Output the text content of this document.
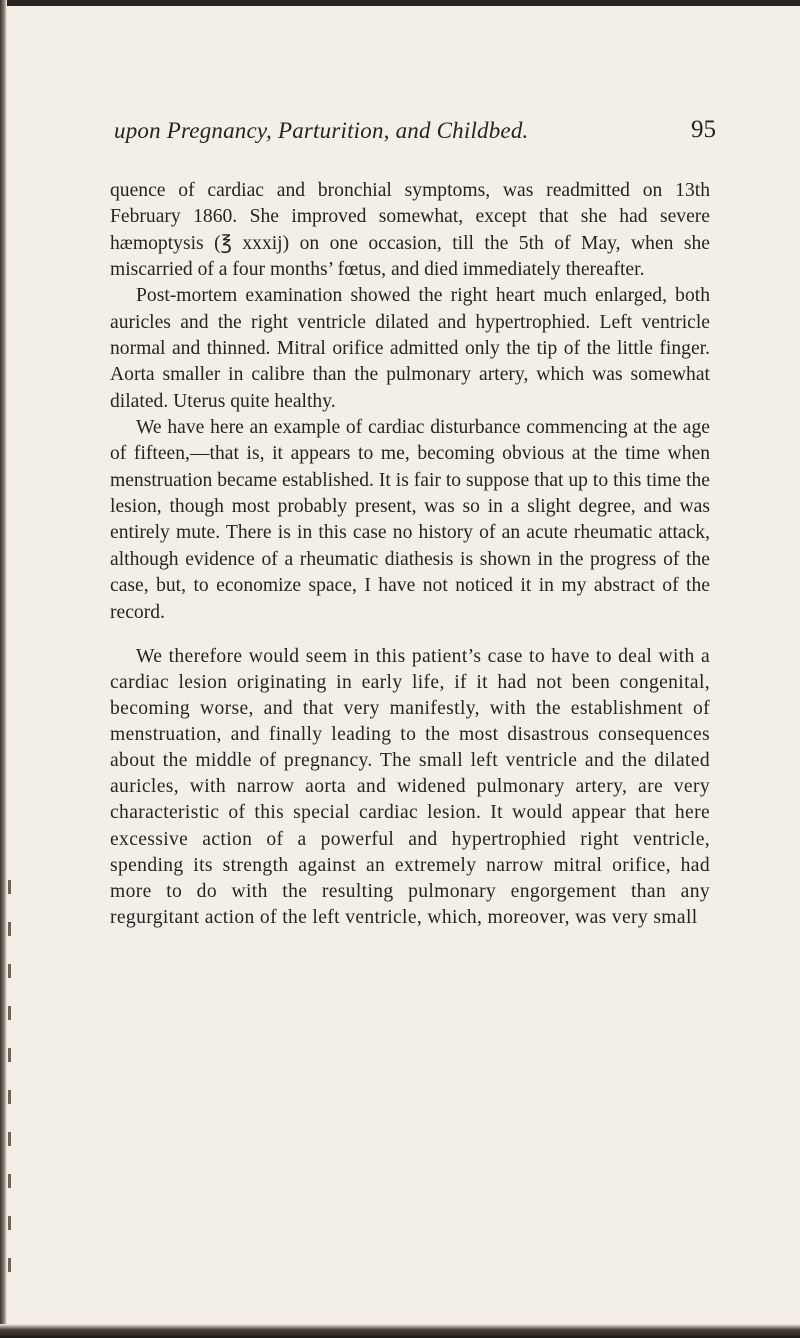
upon Pregnancy, Parturition, and Childbed.	95

quence of cardiac and bronchial symptoms, was readmitted on 13th February 1860. She improved somewhat, except that she had severe hæmoptysis (℥ xxxij) on one occasion, till the 5th of May, when she miscarried of a four months’ fœtus, and died immediately thereafter.

Post-mortem examination showed the right heart much enlarged, both auricles and the right ventricle dilated and hypertrophied. Left ventricle normal and thinned. Mitral orifice admitted only the tip of the little finger. Aorta smaller in calibre than the pulmonary artery, which was somewhat dilated. Uterus quite healthy.

We have here an example of cardiac disturbance commencing at the age of fifteen,—that is, it appears to me, becoming obvious at the time when menstruation became established. It is fair to suppose that up to this time the lesion, though most probably present, was so in a slight degree, and was entirely mute. There is in this case no history of an acute rheumatic attack, although evidence of a rheumatic diathesis is shown in the progress of the case, but, to economize space, I have not noticed it in my abstract of the record.

We therefore would seem in this patient’s case to have to deal with a cardiac lesion originating in early life, if it had not been congenital, becoming worse, and that very manifestly, with the establishment of menstruation, and finally leading to the most disastrous consequences about the middle of pregnancy. The small left ventricle and the dilated auricles, with narrow aorta and widened pulmonary artery, are very characteristic of this special cardiac lesion. It would appear that here excessive action of a powerful and hypertrophied right ventricle, spending its strength against an extremely narrow mitral orifice, had more to do with the resulting pulmonary engorgement than any regurgitant action of the left ventricle, which, moreover, was very small
